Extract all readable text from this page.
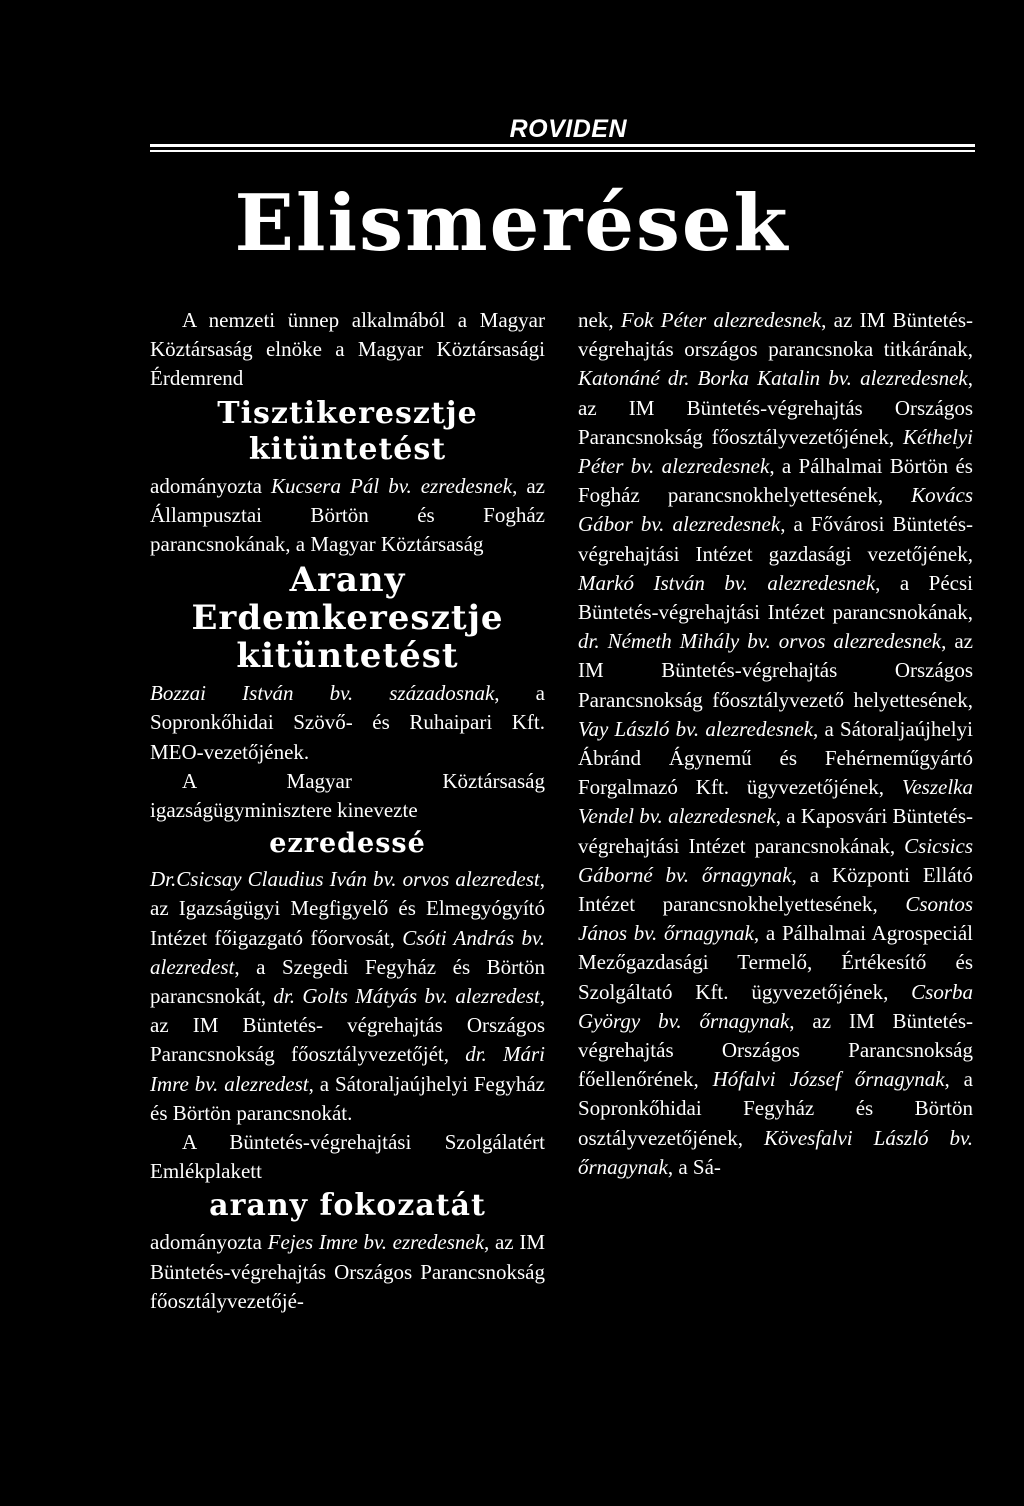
ROVIDEN
Elismerések

A nemzeti ünnep alkalmából a Magyar Köztársaság elnöke a Magyar Köztársasági Érdemrend

Tisztikeresztje
kitüntetést

adományozta Kucsera Pál bv. ezredesnek, az Állampusztai Börtön és Fogház parancsnokának, a Magyar Köztársaság

Arany
Erdemkeresztje
kitüntetést

Bozzai István bv. századosnak, a Sopronkőhidai Szövő- és Ruhaipari Kft. MEO-vezetőjének.

A Magyar Köztársaság igazságügyminisztere kinevezte

ezredessé

Dr.Csicsay Claudius Iván bv. orvos alezredest, az Igazságügyi Megfigyelő és Elmegyógyító Intézet főigazgató főorvosát, Csóti András bv. alezredest, a Szegedi Fegyház és Börtön parancsnokát, dr. Golts Mátyás bv. alezredest, az IM Büntetés- végrehajtás Országos Parancsnokság főosztályvezetőjét, dr. Mári Imre bv. alezredest, a Sátoraljaújhelyi Fegyház és Börtön parancsnokát.

A Büntetés-végrehajtási Szolgálatért Emlékplakett

arany fokozatát

adományozta Fejes Imre bv. ezredesnek, az IM Büntetés-végrehajtás Országos Parancsnokság főosztályvezetőjé-

nek, Fok Péter alezredesnek, az IM Büntetés-végrehajtás országos parancsnoka titkárának, Katonáné dr. Borka Katalin bv. alezredesnek, az IM Büntetés-végrehajtás Országos Parancsnokság főosztályvezetőjének, Kéthelyi Péter bv. alezredesnek, a Pálhalmai Börtön és Fogház parancsnokhelyettesének, Kovács Gábor bv. alezredesnek, a Fővárosi Büntetés-végrehajtási Intézet gazdasági vezetőjének, Markó István bv. alezredesnek, a Pécsi Büntetés-végrehajtási Intézet parancsnokának, dr. Németh Mihály bv. orvos alezredesnek, az IM Büntetés-végrehajtás Országos Parancsnokság főosztályvezető helyettesének, Vay László bv. alezredesnek, a Sátoraljaújhelyi Ábránd Ágynemű és Fehérneműgyártó Forgalmazó Kft. ügyvezetőjének, Veszelka Vendel bv. alezredesnek, a Kaposvári Büntetés-végrehajtási Intézet parancsnokának, Csicsics Gáborné bv. őrnagynak, a Központi Ellátó Intézet parancsnokhelyettesének, Csontos János bv. őrnagynak, a Pálhalmai Agrospeciál Mezőgazdasági Termelő, Értékesítő és Szolgáltató Kft. ügyvezetőjének, Csorba György bv. őrnagynak, az IM Büntetés-végrehajtás Országos Parancsnokság főellenőrének, Hófalvi József őrnagynak, a Sopronkőhidai Fegyház és Börtön osztályvezetőjének, Kövesfalvi László bv. őrnagynak, a Sá-
